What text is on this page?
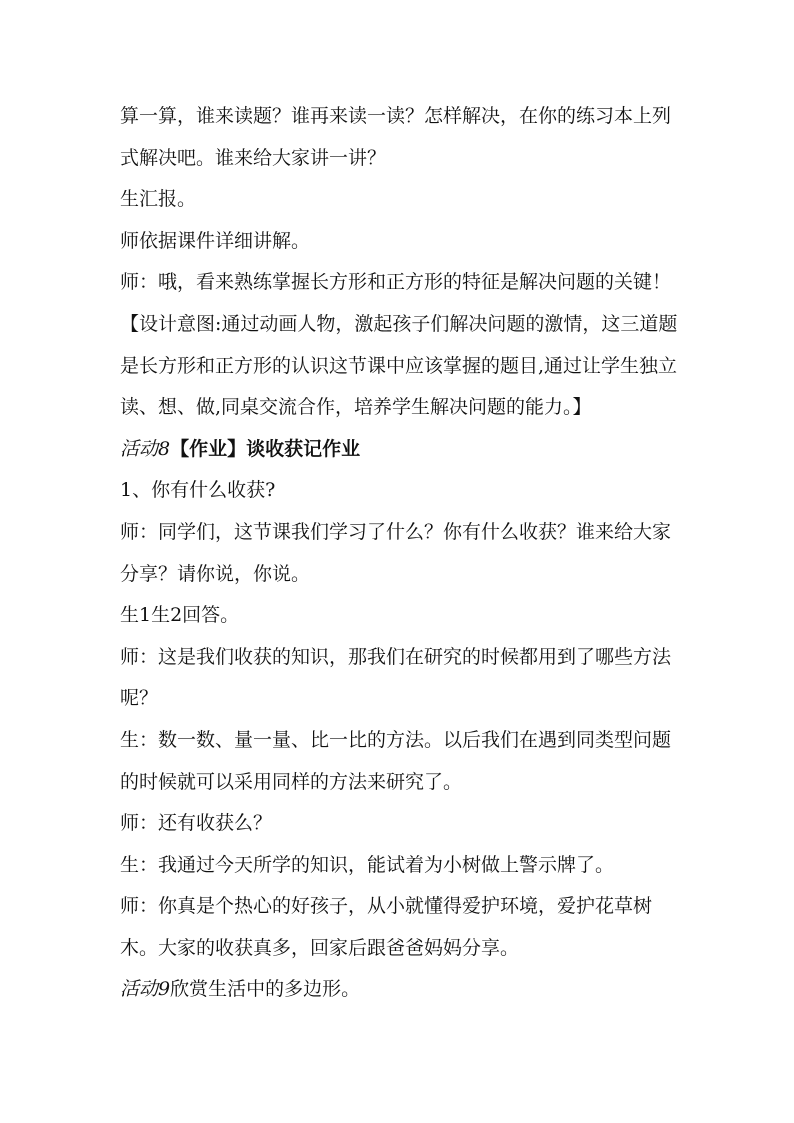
算一算，谁来读题？谁再来读一读？怎样解决，在你的练习本上列
式解决吧。谁来给大家讲一讲？
生汇报。
师依据课件详细讲解。
师：哦，看来熟练掌握长方形和正方形的特征是解决问题的关键！
【设计意图:通过动画人物，激起孩子们解决问题的激情，这三道题
是长方形和正方形的认识这节课中应该掌握的题目,通过让学生独立
读、想、做,同桌交流合作，培养学生解决问题的能力。】
活动8【作业】谈收获记作业
1、你有什么收获?
师：同学们，这节课我们学习了什么？你有什么收获？谁来给大家
分享？请你说，你说。
生1生2回答。
师：这是我们收获的知识，那我们在研究的时候都用到了哪些方法
呢？
生：数一数、量一量、比一比的方法。以后我们在遇到同类型问题
的时候就可以采用同样的方法来研究了。
师：还有收获么？
生：我通过今天所学的知识，能试着为小树做上警示牌了。
师：你真是个热心的好孩子，从小就懂得爱护环境，爱护花草树
木。大家的收获真多，回家后跟爸爸妈妈分享。
活动9欣赏生活中的多边形。
